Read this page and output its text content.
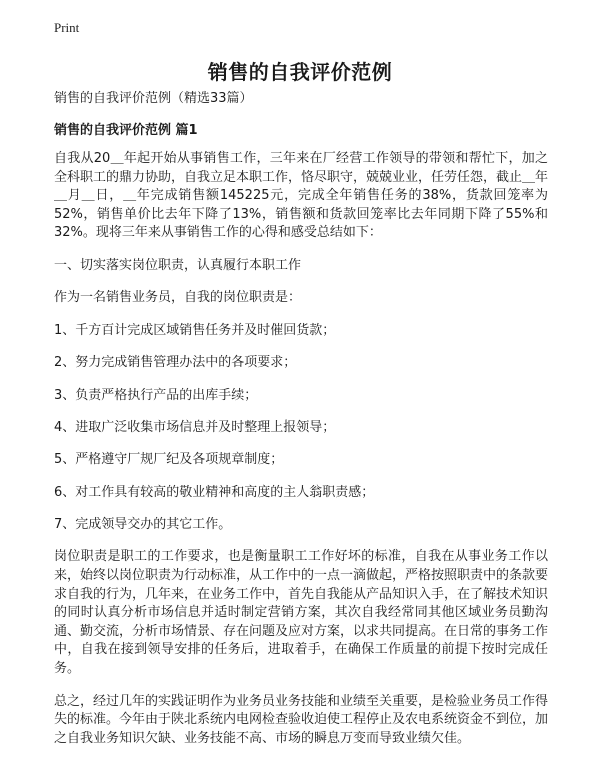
Print
销售的自我评价范例

销售的自我评价范例（精选33篇）

销售的自我评价范例 篇1

自我从20＿年起开始从事销售工作，三年来在厂经营工作领导的带领和帮忙下，加之全科职工的鼎力协助，自我立足本职工作，恪尽职守，兢兢业业，任劳任怨，截止＿年＿月＿日，＿年完成销售额145225元，完成全年销售任务的38%，货款回笼率为52%，销售单价比去年下降了13%，销售额和货款回笼率比去年同期下降了55%和32%。现将三年来从事销售工作的心得和感受总结如下：

一、切实落实岗位职责，认真履行本职工作

作为一名销售业务员，自我的岗位职责是：

1、千方百计完成区域销售任务并及时催回货款；

2、努力完成销售管理办法中的各项要求；

3、负责严格执行产品的出库手续；

4、进取广泛收集市场信息并及时整理上报领导；

5、严格遵守厂规厂纪及各项规章制度；

6、对工作具有较高的敬业精神和高度的主人翁职责感；

7、完成领导交办的其它工作。

岗位职责是职工的工作要求，也是衡量职工工作好坏的标准，自我在从事业务工作以来，始终以岗位职责为行动标准，从工作中的一点一滴做起，严格按照职责中的条款要求自我的行为，几年来，在业务工作中，首先自我能从产品知识入手，在了解技术知识的同时认真分析市场信息并适时制定营销方案，其次自我经常同其他区域业务员勤沟通、勤交流，分析市场情景、存在问题及应对方案，以求共同提高。在日常的事务工作中，自我在接到领导安排的任务后，进取着手，在确保工作质量的前提下按时完成任务。

总之，经过几年的实践证明作为业务员业务技能和业绩至关重要，是检验业务员工作得失的标准。今年由于陕北系统内电网检查验收迫使工程停止及农电系统资金不到位，加之自我业务知识欠缺、业务技能不高、市场的瞬息万变而导致业绩欠佳。
